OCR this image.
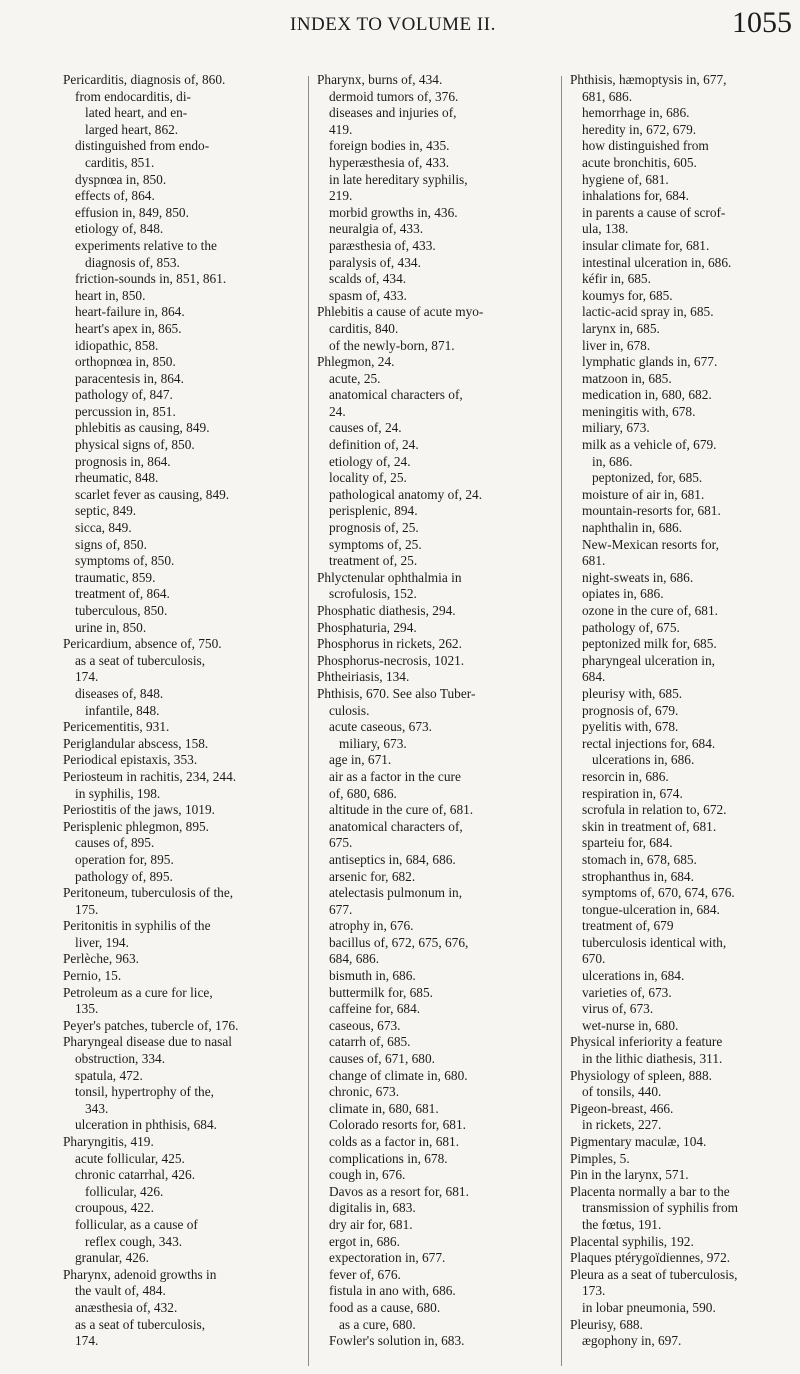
INDEX TO VOLUME II.	1055
Pericarditis, diagnosis of, 860.
from endocarditis, di-
lated heart, and en-
larged heart, 862.
distinguished from endo-
carditis, 851.
dyspnœa in, 850.
effects of, 864.
effusion in, 849, 850.
etiology of, 848.
experiments relative to the
diagnosis of, 853.
friction-sounds in, 851, 861.
heart in, 850.
heart-failure in, 864.
heart's apex in, 865.
idiopathic, 858.
orthopnœa in, 850.
paracentesis in, 864.
pathology of, 847.
percussion in, 851.
phlebitis as causing, 849.
physical signs of, 850.
prognosis in, 864.
rheumatic, 848.
scarlet fever as causing, 849.
septic, 849.
sicca, 849.
signs of, 850.
symptoms of, 850.
traumatic, 859.
treatment of, 864.
tuberculous, 850.
urine in, 850.
Pericardium, absence of, 750.
as a seat of tuberculosis,
174.
diseases of, 848.
infantile, 848.
Pericementitis, 931.
Periglandular abscess, 158.
Periodical epistaxis, 353.
Periosteum in rachitis, 234, 244.
in syphilis, 198.
Periostitis of the jaws, 1019.
Perisplenic phlegmon, 895.
causes of, 895.
operation for, 895.
pathology of, 895.
Peritoneum, tuberculosis of the,
175.
Peritonitis in syphilis of the
liver, 194.
Perlèche, 963.
Pernio, 15.
Petroleum as a cure for lice,
135.
Peyer's patches, tubercle of, 176.
Pharyngeal disease due to nasal
obstruction, 334.
spatula, 472.
tonsil, hypertrophy of the,
343.
ulceration in phthisis, 684.
Pharyngitis, 419.
acute follicular, 425.
chronic catarrhal, 426.
follicular, 426.
croupous, 422.
follicular, as a cause of
reflex cough, 343.
granular, 426.
Pharynx, adenoid growths in
the vault of, 484.
anæsthesia of, 432.
as a seat of tuberculosis,
174.
Pharynx, burns of, 434.
dermoid tumors of, 376.
diseases and injuries of,
419.
foreign bodies in, 435.
hyperæsthesia of, 433.
in late hereditary syphilis,
219.
morbid growths in, 436.
neuralgia of, 433.
paræsthesia of, 433.
paralysis of, 434.
scalds of, 434.
spasm of, 433.
Phlebitis a cause of acute myo-
carditis, 840.
of the newly-born, 871.
Phlegmon, 24.
acute, 25.
anatomical characters of,
24.
causes of, 24.
definition of, 24.
etiology of, 24.
locality of, 25.
pathological anatomy of, 24.
perisplenic, 894.
prognosis of, 25.
symptoms of, 25.
treatment of, 25.
Phlyctenular ophthalmia in
scrofulosis, 152.
Phosphatic diathesis, 294.
Phosphaturia, 294.
Phosphorus in rickets, 262.
Phosphorus-necrosis, 1021.
Phtheiriasis, 134.
Phthisis, 670. See also Tuber-
culosis.
acute caseous, 673.
miliary, 673.
age in, 671.
air as a factor in the cure
of, 680, 686.
altitude in the cure of, 681.
anatomical characters of,
675.
antiseptics in, 684, 686.
arsenic for, 682.
atelectasis pulmonum in,
677.
atrophy in, 676.
bacillus of, 672, 675, 676,
684, 686.
bismuth in, 686.
buttermilk for, 685.
caffeine for, 684.
caseous, 673.
catarrh of, 685.
causes of, 671, 680.
change of climate in, 680.
chronic, 673.
climate in, 680, 681.
Colorado resorts for, 681.
colds as a factor in, 681.
complications in, 678.
cough in, 676.
Davos as a resort for, 681.
digitalis in, 683.
dry air for, 681.
ergot in, 686.
expectoration in, 677.
fever of, 676.
fistula in ano with, 686.
food as a cause, 680.
as a cure, 680.
Fowler's solution in, 683.
Phthisis, hæmoptysis in, 677,
681, 686.
hemorrhage in, 686.
heredity in, 672, 679.
how distinguished from
acute bronchitis, 605.
hygiene of, 681.
inhalations for, 684.
in parents a cause of scrof-
ula, 138.
insular climate for, 681.
intestinal ulceration in, 686.
kéfir in, 685.
koumys for, 685.
lactic-acid spray in, 685.
larynx in, 685.
liver in, 678.
lymphatic glands in, 677.
matzoon in, 685.
medication in, 680, 682.
meningitis with, 678.
miliary, 673.
milk as a vehicle of, 679.
in, 686.
peptonized, for, 685.
moisture of air in, 681.
mountain-resorts for, 681.
naphthalin in, 686.
New-Mexican resorts for,
681.
night-sweats in, 686.
opiates in, 686.
ozone in the cure of, 681.
pathology of, 675.
peptonized milk for, 685.
pharyngeal ulceration in,
684.
pleurisy with, 685.
prognosis of, 679.
pyelitis with, 678.
rectal injections for, 684.
ulcerations in, 686.
resorcin in, 686.
respiration in, 674.
scrofula in relation to, 672.
skin in treatment of, 681.
sparteiu for, 684.
stomach in, 678, 685.
strophanthus in, 684.
symptoms of, 670, 674, 676.
tongue-ulceration in, 684.
treatment of, 679
tuberculosis identical with,
670.
ulcerations in, 684.
varieties of, 673.
virus of, 673.
wet-nurse in, 680.
Physical inferiority a feature
in the lithic diathesis, 311.
Physiology of spleen, 888.
of tonsils, 440.
Pigeon-breast, 466.
in rickets, 227.
Pigmentary maculæ, 104.
Pimples, 5.
Pin in the larynx, 571.
Placenta normally a bar to the
transmission of syphilis from
the fœtus, 191.
Placental syphilis, 192.
Plaques ptérygoïdiennes, 972.
Pleura as a seat of tuberculosis,
173.
in lobar pneumonia, 590.
Pleurisy, 688.
ægophony in, 697.
